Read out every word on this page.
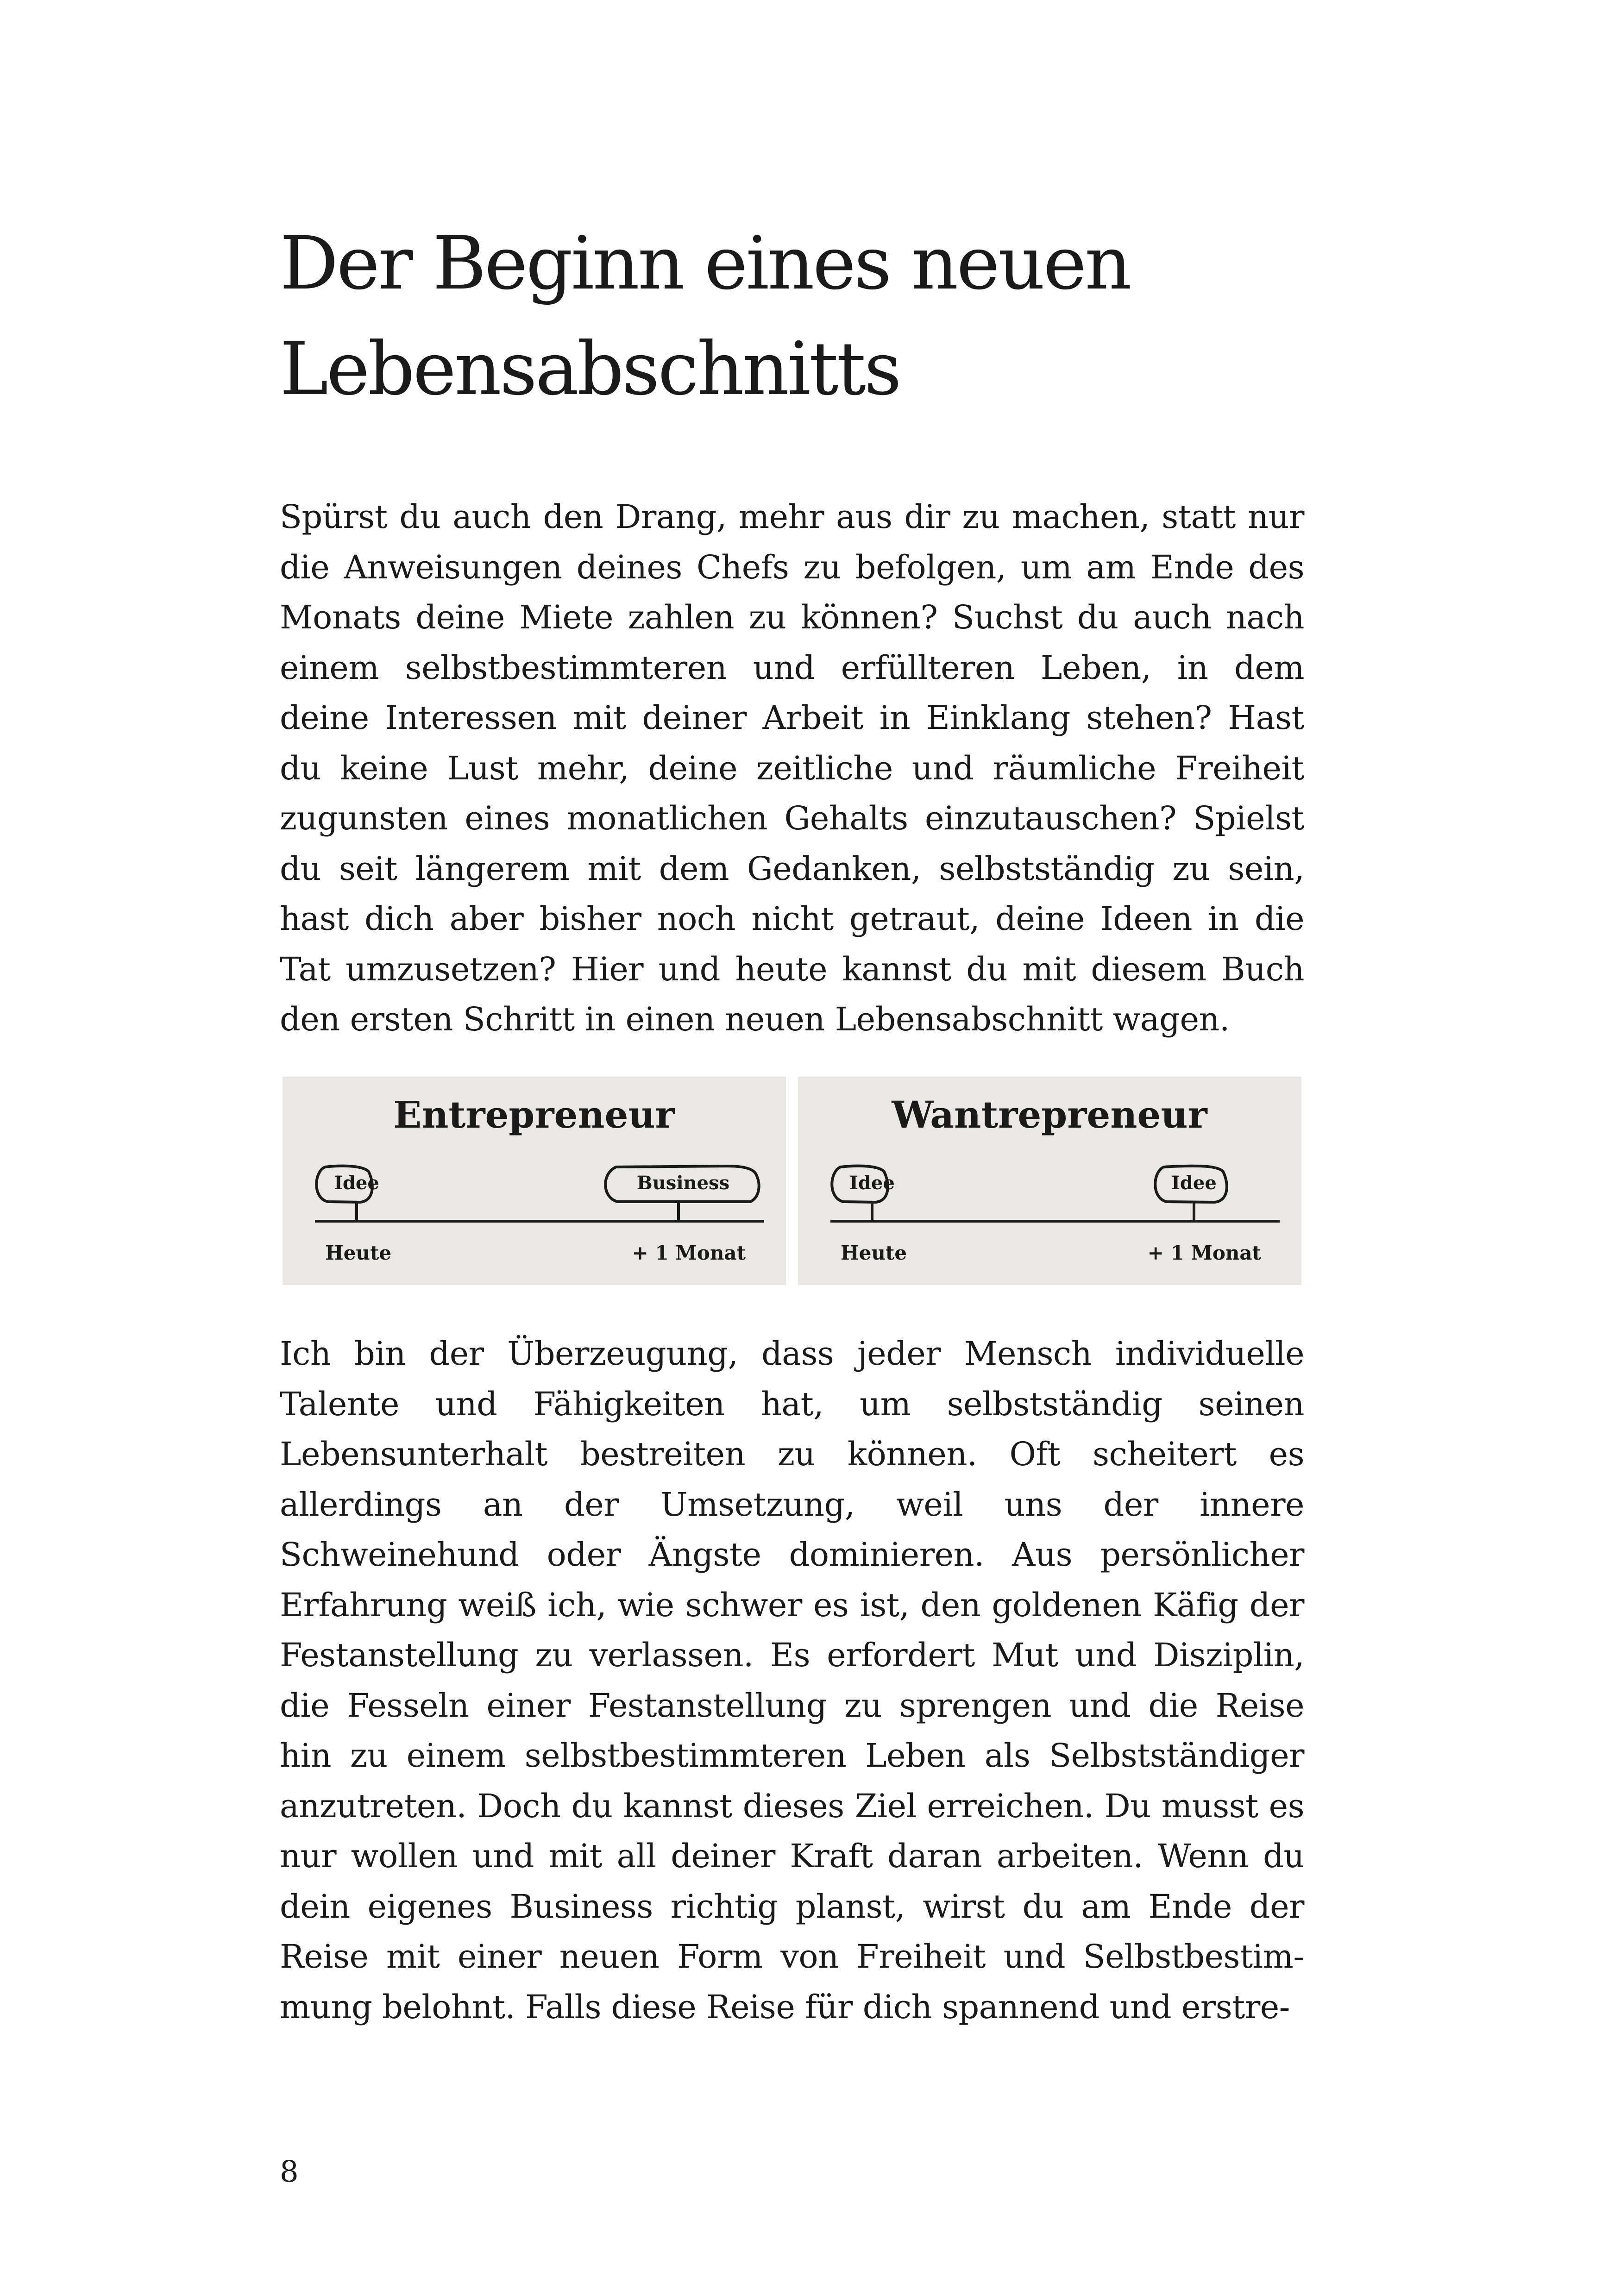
Der Beginn eines neuen Lebensabschnitts

Spürst du auch den Drang, mehr aus dir zu machen, statt nur die Anweisungen deines Chefs zu befolgen, um am Ende des Monats deine Miete zahlen zu können? Suchst du auch nach einem selbstbestimmteren und erfüllteren Leben, in dem deine Interessen mit deiner Arbeit in Einklang stehen? Hast du keine Lust mehr, deine zeitliche und räumliche Freiheit zugunsten eines monatlichen Gehalts einzutauschen? Spielst du seit längerem mit dem Gedanken, selbstständig zu sein, hast dich aber bisher noch nicht getraut, deine Ideen in die Tat umzusetzen? Hier und heute kannst du mit diesem Buch den ersten Schritt in einen neuen Lebensabschnitt wagen.

Entrepreneur
Idee	Business
Heute	+ 1 Monat
Wantrepreneur
Idee	Idee
Heute	+ 1 Monat

Ich bin der Überzeugung, dass jeder Mensch individuelle Talente und Fähigkeiten hat, um selbstständig seinen Lebensunterhalt bestreiten zu können. Oft scheitert es allerdings an der Umsetzung, weil uns der innere Schweinehund oder Ängste dominieren. Aus persönlicher Erfahrung weiß ich, wie schwer es ist, den goldenen Käfig der Festanstellung zu verlassen. Es erfordert Mut und Disziplin, die Fesseln einer Festanstellung zu sprengen und die Reise hin zu einem selbstbestimmteren Leben als Selbstständiger anzutreten. Doch du kannst dieses Ziel erreichen. Du musst es nur wollen und mit all deiner Kraft daran arbeiten. Wenn du dein eigenes Business richtig planst, wirst du am Ende der Reise mit einer neuen Form von Freiheit und Selbstbestimmung belohnt. Falls diese Reise für dich spannend und erstre-

8
